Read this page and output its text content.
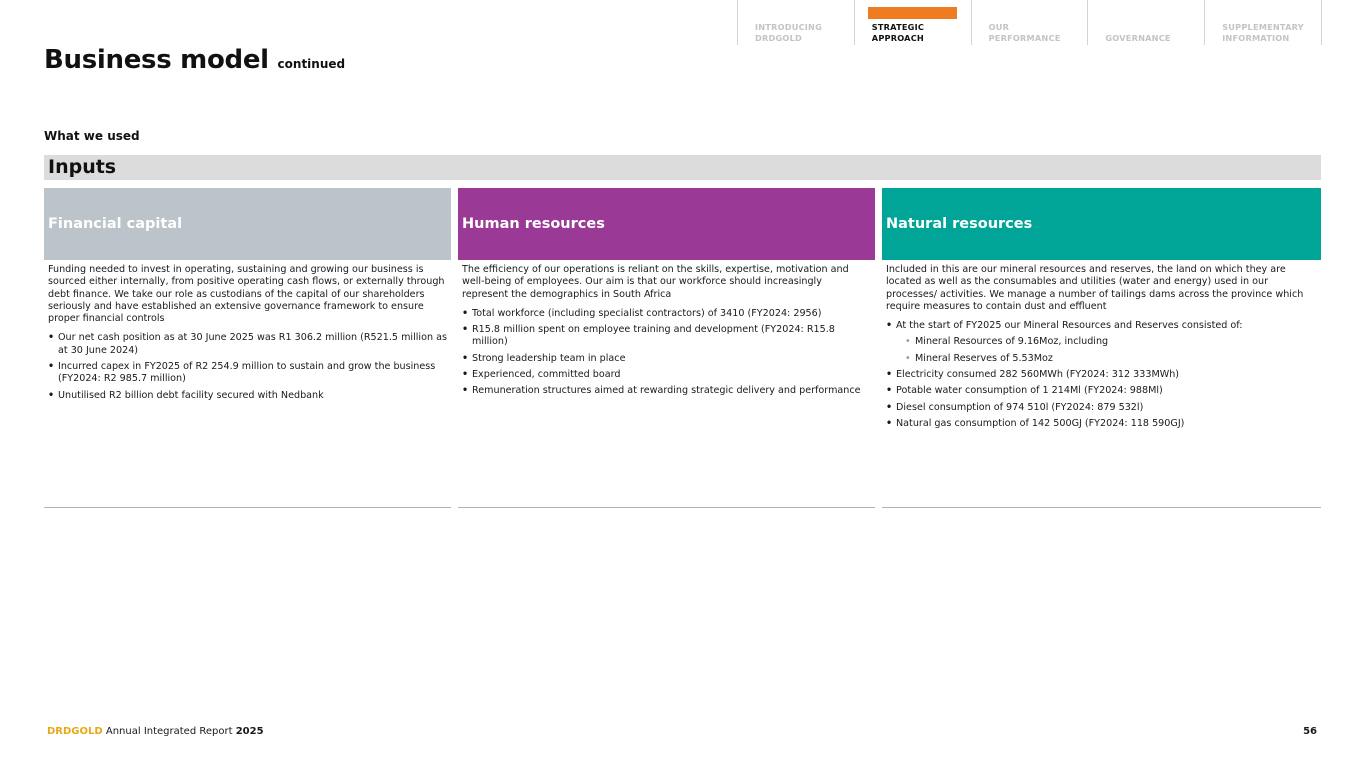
INTRODUCING
DRDGOLD
STRATEGIC
APPROACH
OUR
PERFORMANCE	GOVERNANCE
SUPPLEMENTARY
INFORMATION
Business model continued
What we used
Inputs
Financial capital

Funding needed to invest in operating, sustaining and growing our business is sourced either internally, from positive operating cash flows, or externally through debt finance. We take our role as custodians of the capital of our shareholders seriously and have established an extensive governance framework to ensure proper financial controls

• Our net cash position as at 30 June 2025 was R1 306.2 million (R521.5 million as at 30 June 2024)
• Incurred capex in FY2025 of R2 254.9 million to sustain and grow the business (FY2024: R2 985.7 million)
• Unutilised R2 billion debt facility secured with Nedbank
Human resources

The efficiency of our operations is reliant on the skills, expertise, motivation and well-being of employees. Our aim is that our workforce should increasingly represent the demographics in South Africa

• Total workforce (including specialist contractors) of 3410 (FY2024: 2956)
• R15.8 million spent on employee training and development (FY2024: R15.8 million)
• Strong leadership team in place
• Experienced, committed board
• Remuneration structures aimed at rewarding strategic delivery and performance
Natural resources

Included in this are our mineral resources and reserves, the land on which they are located as well as the consumables and utilities (water and energy) used in our processes/ activities. We manage a number of tailings dams across the province which require measures to contain dust and effluent

• At the start of FY2025 our Mineral Resources and Reserves consisted of:
• Mineral Resources of 9.16Moz, including
• Mineral Reserves of 5.53Moz
• Electricity consumed 282 560MWh (FY2024: 312 333MWh)
• Potable water consumption of 1 214Ml (FY2024: 988Ml)
• Diesel consumption of 974 510l (FY2024: 879 532l)
• Natural gas consumption of 142 500GJ (FY2024: 118 590GJ)
DRDGOLD Annual Integrated Report 2025	56
